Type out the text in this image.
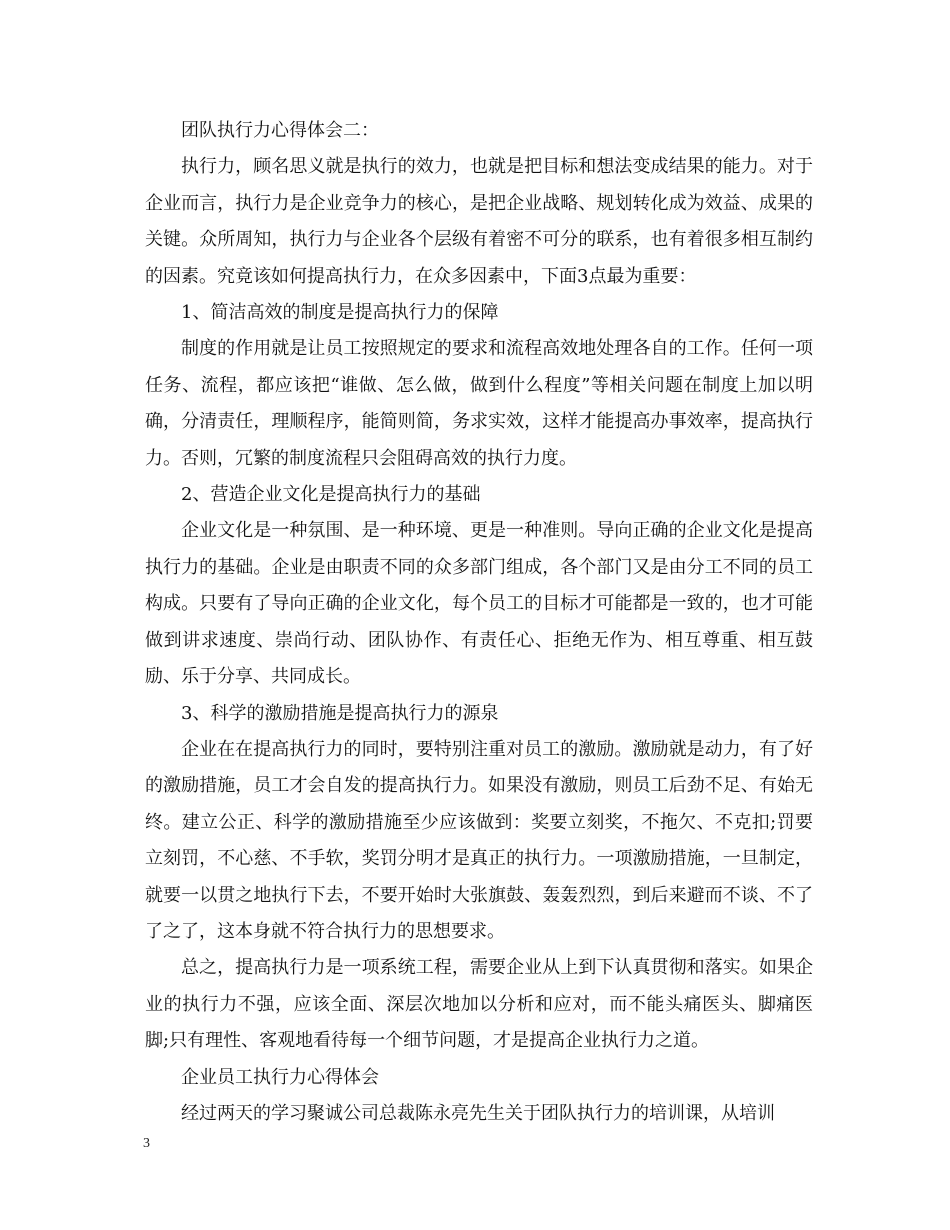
团队执行力心得体会二：

执行力，顾名思义就是执行的效力，也就是把目标和想法变成结果的能力。对于企业而言，执行力是企业竞争力的核心，是把企业战略、规划转化成为效益、成果的关键。众所周知，执行力与企业各个层级有着密不可分的联系，也有着很多相互制约的因素。究竟该如何提高执行力，在众多因素中，下面3点最为重要：

1、简洁高效的制度是提高执行力的保障

制度的作用就是让员工按照规定的要求和流程高效地处理各自的工作。任何一项任务、流程，都应该把“谁做、怎么做，做到什么程度”等相关问题在制度上加以明确，分清责任，理顺程序，能简则简，务求实效，这样才能提高办事效率，提高执行力。否则，冗繁的制度流程只会阻碍高效的执行力度。

2、营造企业文化是提高执行力的基础

企业文化是一种氛围、是一种环境、更是一种准则。导向正确的企业文化是提高执行力的基础。企业是由职责不同的众多部门组成，各个部门又是由分工不同的员工构成。只要有了导向正确的企业文化，每个员工的目标才可能都是一致的，也才可能做到讲求速度、崇尚行动、团队协作、有责任心、拒绝无作为、相互尊重、相互鼓励、乐于分享、共同成长。

3、科学的激励措施是提高执行力的源泉

企业在在提高执行力的同时，要特别注重对员工的激励。激励就是动力，有了好的激励措施，员工才会自发的提高执行力。如果没有激励，则员工后劲不足、有始无终。建立公正、科学的激励措施至少应该做到：奖要立刻奖，不拖欠、不克扣;罚要立刻罚，不心慈、不手软，奖罚分明才是真正的执行力。一项激励措施，一旦制定，就要一以贯之地执行下去，不要开始时大张旗鼓、轰轰烈烈，到后来避而不谈、不了了之了，这本身就不符合执行力的思想要求。

总之，提高执行力是一项系统工程，需要企业从上到下认真贯彻和落实。如果企业的执行力不强，应该全面、深层次地加以分析和应对，而不能头痛医头、脚痛医脚;只有理性、客观地看待每一个细节问题，才是提高企业执行力之道。

企业员工执行力心得体会

经过两天的学习聚诚公司总裁陈永亮先生关于团队执行力的培训课，从培训

3
